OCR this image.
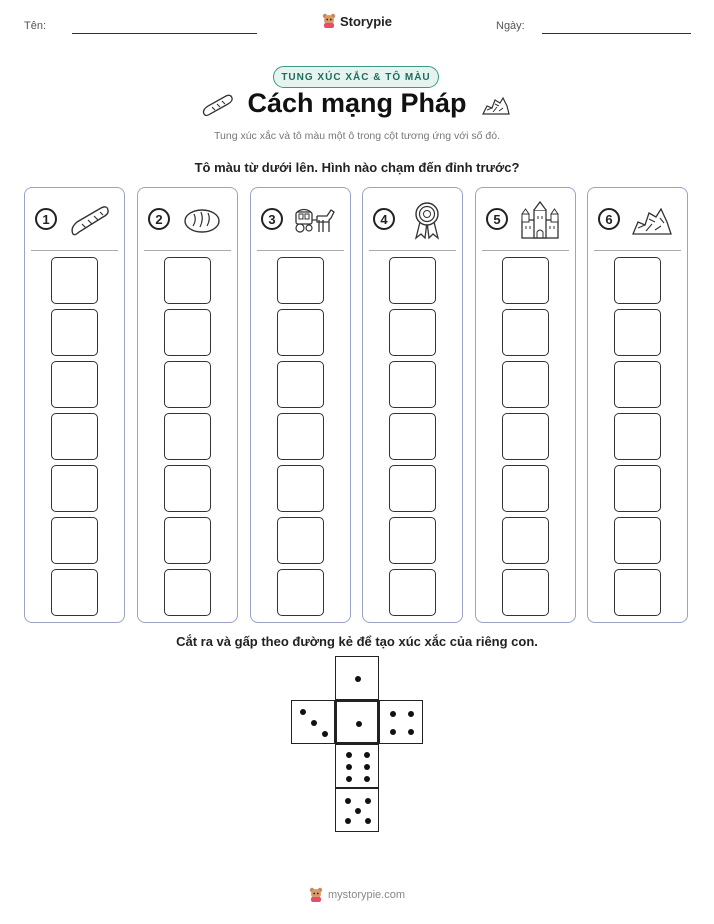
Tên:	Storypie	Ngày:
TUNG XÚC XẮC & TÔ MÀU
Cách mạng Pháp
Tung xúc xắc và tô màu một ô trong cột tương ứng với số đó.
Tô màu từ dưới lên. Hình nào chạm đến đỉnh trước?
1	2	3	4	5	6
Cắt ra và gấp theo đường kẻ để tạo xúc xắc của riêng con.
mystorypie.com
